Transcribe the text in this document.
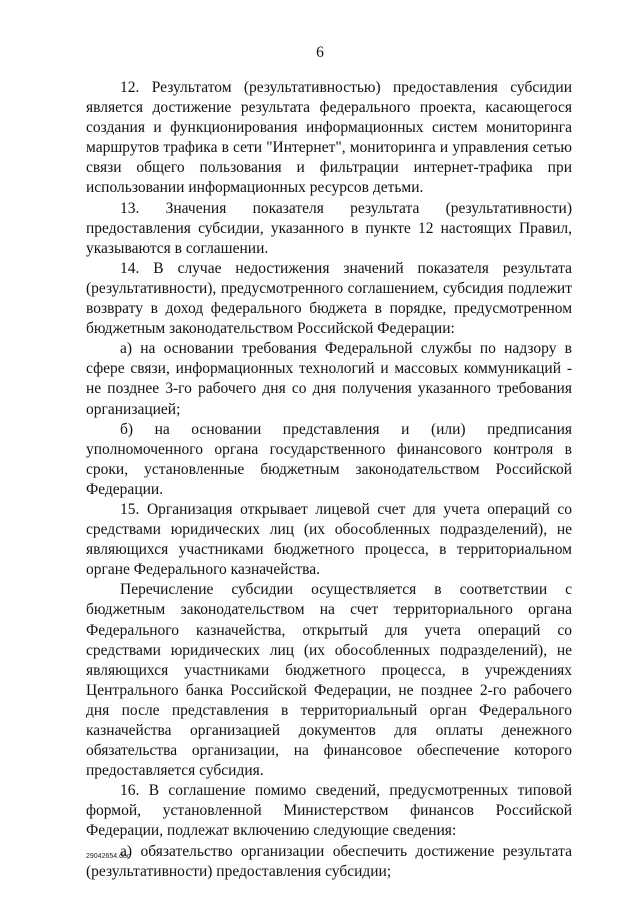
6

12. Результатом (результативностью) предоставления субсидии является достижение результата федерального проекта, касающегося создания и функционирования информационных систем мониторинга маршрутов трафика в сети "Интернет", мониторинга и управления сетью связи общего пользования и фильтрации интернет-трафика при использовании информационных ресурсов детьми.

13. Значения показателя результата (результативности) предоставления субсидии, указанного в пункте 12 настоящих Правил, указываются в соглашении.

14. В случае недостижения значений показателя результата (результативности), предусмотренного соглашением, субсидия подлежит возврату в доход федерального бюджета в порядке, предусмотренном бюджетным законодательством Российской Федерации:

а) на основании требования Федеральной службы по надзору в сфере связи, информационных технологий и массовых коммуникаций - не позднее 3-го рабочего дня со дня получения указанного требования организацией;

б) на основании представления и (или) предписания уполномоченного органа государственного финансового контроля в сроки, установленные бюджетным законодательством Российской Федерации.

15. Организация открывает лицевой счет для учета операций со средствами юридических лиц (их обособленных подразделений), не являющихся участниками бюджетного процесса, в территориальном органе Федерального казначейства.

Перечисление субсидии осуществляется в соответствии с бюджетным законодательством на счет территориального органа Федерального казначейства, открытый для учета операций со средствами юридических лиц (их обособленных подразделений), не являющихся участниками бюджетного процесса, в учреждениях Центрального банка Российской Федерации, не позднее 2-го рабочего дня после представления в территориальный орган Федерального казначейства организацией документов для оплаты денежного обязательства организации, на финансовое обеспечение которого предоставляется субсидия.

16. В соглашение помимо сведений, предусмотренных типовой формой, установленной Министерством финансов Российской Федерации, подлежат включению следующие сведения:

а) обязательство организации обеспечить достижение результата (результативности) предоставления субсидии;

29042654.doc
